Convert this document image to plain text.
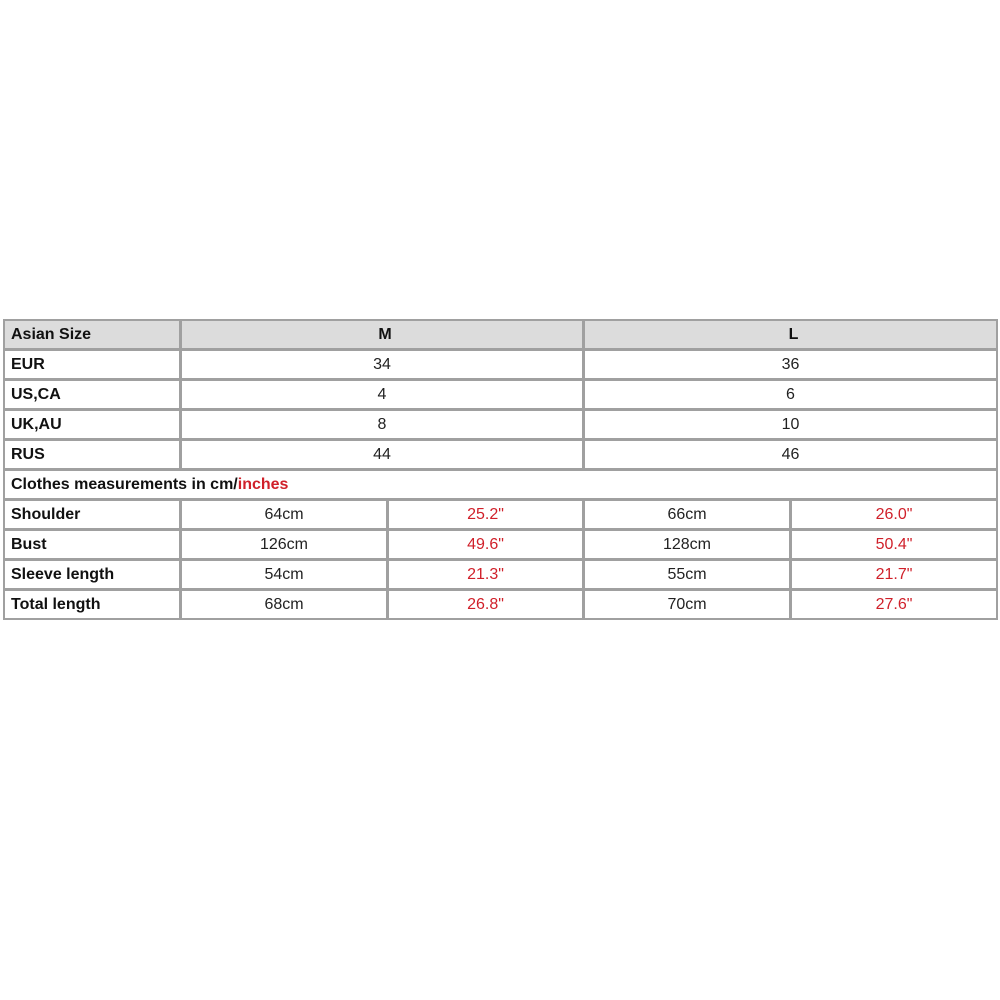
Asian Size	M	L
EUR	34	36
US,CA	4	6
UK,AU	8	10
RUS	44	46
Clothes measurements in cm/ inches
Shoulder	64cm	25.2"	66cm	26.0"
Bust	126cm	49.6"	128cm	50.4"
Sleeve length	54cm	21.3"	55cm	21.7"
Total length	68cm	26.8"	70cm	27.6"
